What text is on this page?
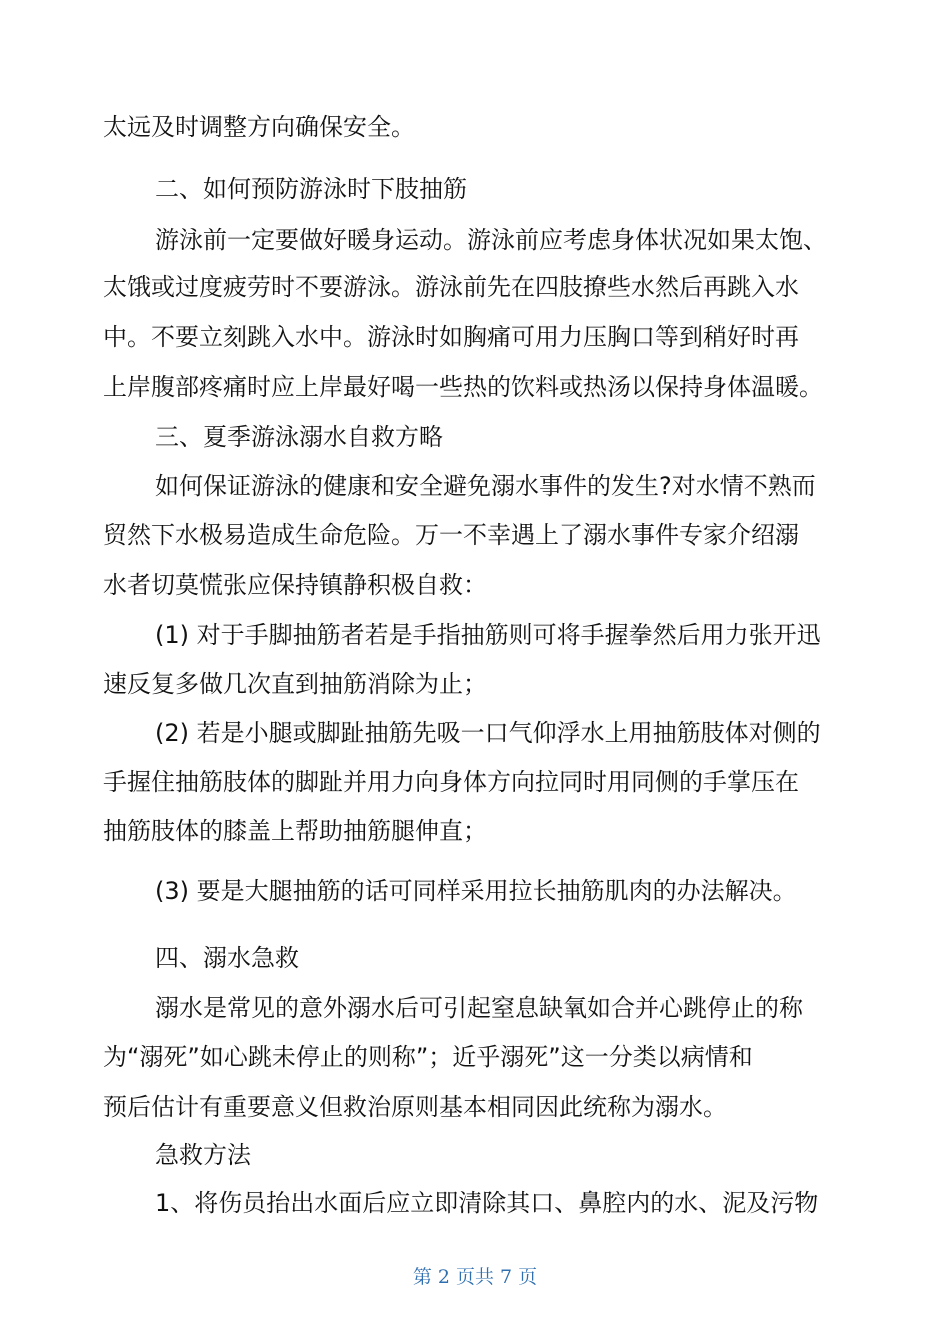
太远及时调整方向确保安全。
二、如何预防游泳时下肢抽筋
游泳前一定要做好暖身运动。游泳前应考虑身体状况如果太饱、
太饿或过度疲劳时不要游泳。游泳前先在四肢撩些水然后再跳入水
中。不要立刻跳入水中。游泳时如胸痛可用力压胸口等到稍好时再
上岸腹部疼痛时应上岸最好喝一些热的饮料或热汤以保持身体温暖。
三、夏季游泳溺水自救方略
如何保证游泳的健康和安全避免溺水事件的发生?对水情不熟而
贸然下水极易造成生命危险。万一不幸遇上了溺水事件专家介绍溺
水者切莫慌张应保持镇静积极自救：
(1) 对于手脚抽筋者若是手指抽筋则可将手握拳然后用力张开迅
速反复多做几次直到抽筋消除为止；
(2) 若是小腿或脚趾抽筋先吸一口气仰浮水上用抽筋肢体对侧的
手握住抽筋肢体的脚趾并用力向身体方向拉同时用同侧的手掌压在
抽筋肢体的膝盖上帮助抽筋腿伸直；
(3) 要是大腿抽筋的话可同样采用拉长抽筋肌肉的办法解决。
四、溺水急救
溺水是常见的意外溺水后可引起窒息缺氧如合并心跳停止的称
为“溺死”如心跳未停止的则称”；近乎溺死”这一分类以病情和
预后估计有重要意义但救治原则基本相同因此统称为溺水。
急救方法
1、将伤员抬出水面后应立即清除其口、鼻腔内的水、泥及污物
第 2 页共 7 页
